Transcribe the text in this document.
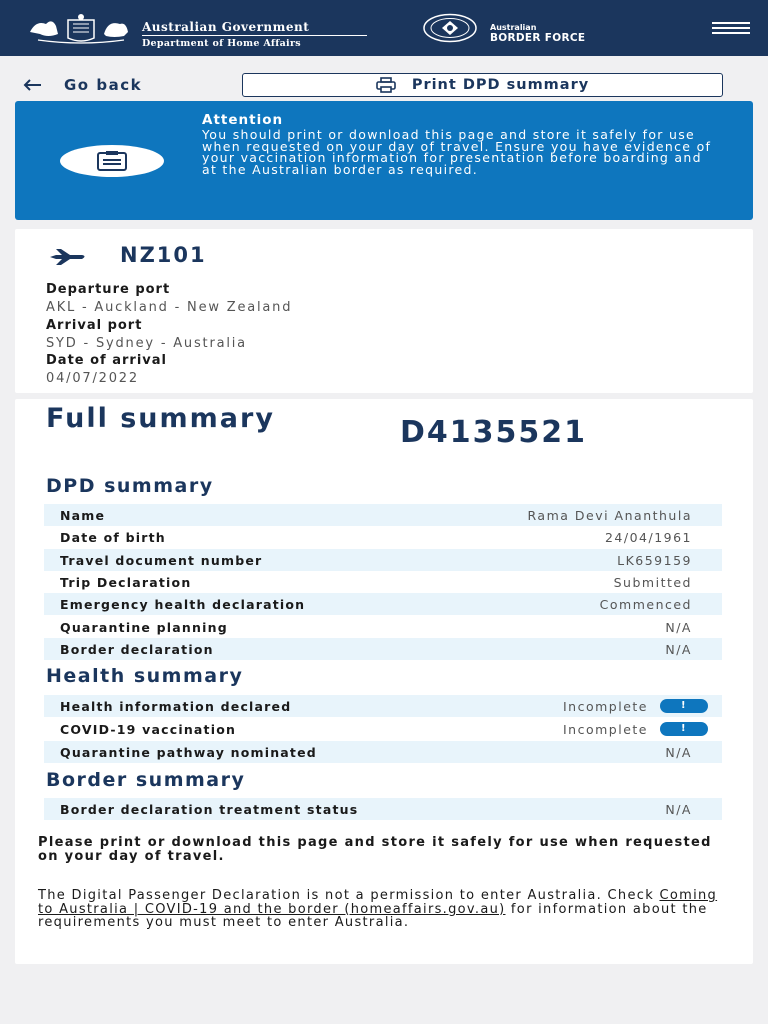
Australian Government
Department of Home Affairs
Australian
BORDER FORCE
Go back	Print DPD summary
Attention
You should print or download this page and store it safely for use when requested on your day of travel. Ensure you have evidence of your vaccination information for presentation before boarding and at the Australian border as required.
NZ101
Departure port
AKL - Auckland - New Zealand
Arrival port
SYD - Sydney - Australia
Date of arrival
04/07/2022
Full summary	D4135521
DPD summary
Name	Rama Devi Ananthula
Date of birth	24/04/1961
Travel document number	LK659159
Trip Declaration	Submitted
Emergency health declaration	Commenced
Quarantine planning	N/A
Border declaration	N/A
Health summary
Health information declared	Incomplete	!
COVID-19 vaccination	Incomplete	!
Quarantine pathway nominated	N/A
Border summary
Border declaration treatment status	N/A
Please print or download this page and store it safely for use when requested on your day of travel.
The Digital Passenger Declaration is not a permission to enter Australia. Check Coming to Australia | COVID-19 and the border (homeaffairs.gov.au) for information about the requirements you must meet to enter Australia.
